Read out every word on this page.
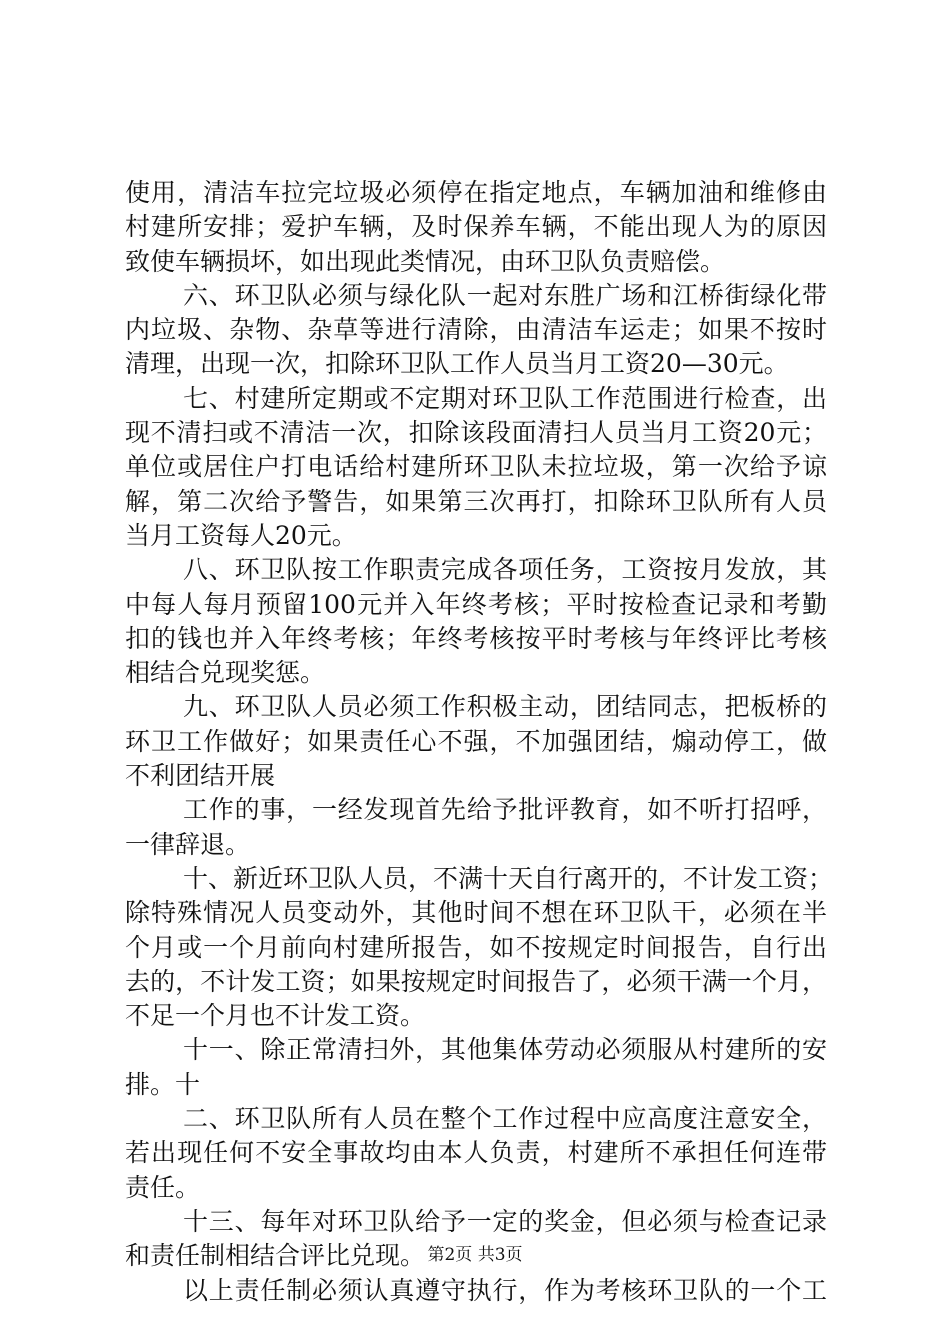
使用，清洁车拉完垃圾必须停在指定地点，车辆加油和维修由
村建所安排；爱护车辆，及时保养车辆，不能出现人为的原因
致使车辆损坏，如出现此类情况，由环卫队负责赔偿。
六、环卫队必须与绿化队一起对东胜广场和江桥街绿化带
内垃圾、杂物、杂草等进行清除，由清洁车运走；如果不按时
清理，出现一次，扣除环卫队工作人员当月工资20—30元。
七、村建所定期或不定期对环卫队工作范围进行检查，出
现不清扫或不清洁一次，扣除该段面清扫人员当月工资20元；
单位或居住户打电话给村建所环卫队未拉垃圾，第一次给予谅
解，第二次给予警告，如果第三次再打，扣除环卫队所有人员
当月工资每人20元。
八、环卫队按工作职责完成各项任务，工资按月发放，其
中每人每月预留100元并入年终考核；平时按检查记录和考勤
扣的钱也并入年终考核；年终考核按平时考核与年终评比考核
相结合兑现奖惩。
九、环卫队人员必须工作积极主动，团结同志，把板桥的
环卫工作做好；如果责任心不强，不加强团结，煽动停工，做
不利团结开展
工作的事，一经发现首先给予批评教育，如不听打招呼，
一律辞退。
十、新近环卫队人员，不满十天自行离开的，不计发工资；
除特殊情况人员变动外，其他时间不想在环卫队干，必须在半
个月或一个月前向村建所报告，如不按规定时间报告，自行出
去的，不计发工资；如果按规定时间报告了，必须干满一个月，
不足一个月也不计发工资。
十一、除正常清扫外，其他集体劳动必须服从村建所的安
排。十
二、环卫队所有人员在整个工作过程中应高度注意安全，
若出现任何不安全事故均由本人负责，村建所不承担任何连带
责任。
十三、每年对环卫队给予一定的奖金，但必须与检查记录
和责任制相结合评比兑现。
以上责任制必须认真遵守执行，作为考核环卫队的一个工
第2页 共3页
